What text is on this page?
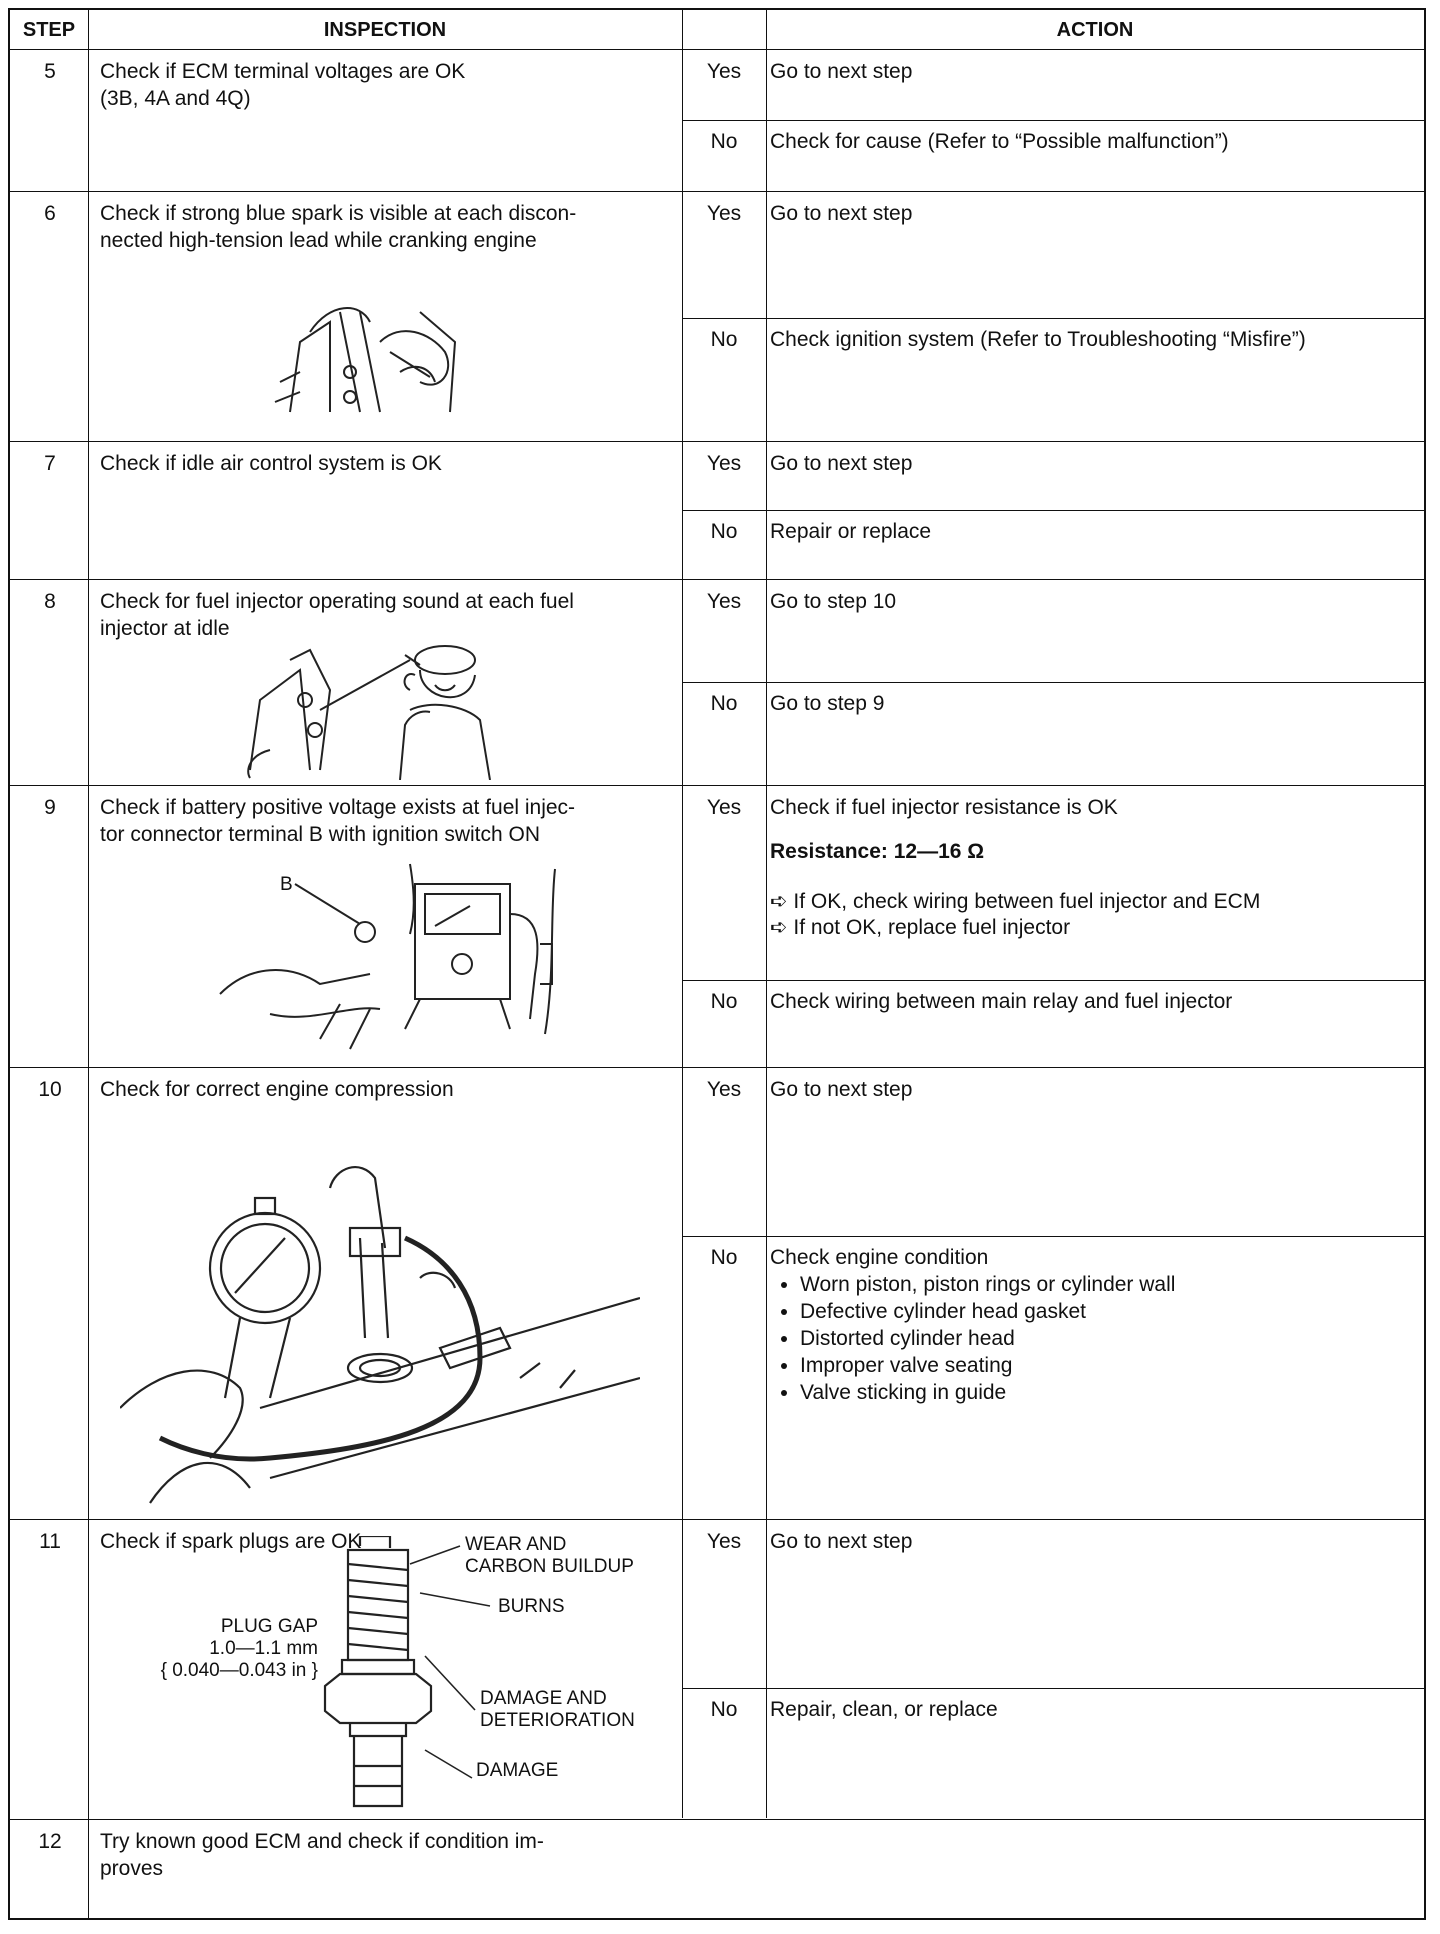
STEP	INSPECTION	ACTION
5	Check if ECM terminal voltages are OK
(3B, 4A and 4Q)
Yes	Go to next step
No	Check for cause (Refer to “Possible malfunction”)
6	Check if strong blue spark is visible at each discon-
nected high-tension lead while cranking engine
Yes	Go to next step
No	Check ignition system (Refer to Troubleshooting “Misfire”)
7	Check if idle air control system is OK	Yes	Go to next step
No	Repair or replace
8	Check for fuel injector operating sound at each fuel
injector at idle
Yes	Go to step 10
No	Go to step 9
9	Check if battery positive voltage exists at fuel injec-
tor connector terminal B with ignition switch ON
B
Yes	Check if fuel injector resistance is OK
Resistance: 12—16 Ω
➪ If OK, check wiring between fuel injector and ECM
➪ If not OK, replace fuel injector
No	Check wiring between main relay and fuel injector
10	Check for correct engine compression	Yes	Go to next step
No	Check engine condition
• Worn piston, piston rings or cylinder wall
• Defective cylinder head gasket
• Distorted cylinder head
• Improper valve seating
• Valve sticking in guide
11	Check if spark plugs are OK	WEAR AND
CARBON BUILDUP
BURNS
PLUG GAP
1.0—1.1 mm
{ 0.040—0.043 in }
DAMAGE AND
DETERIORATION
DAMAGE
Yes	Go to next step
No	Repair, clean, or replace
12	Try known good ECM and check if condition im-
proves
